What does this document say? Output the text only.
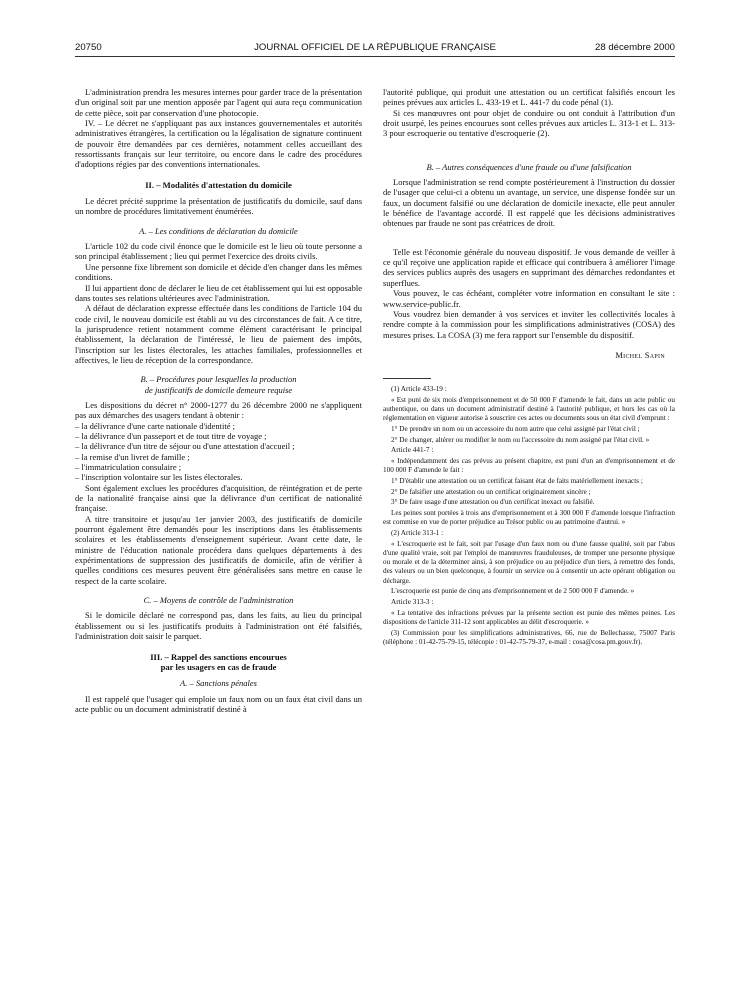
20750	JOURNAL OFFICIEL DE LA RÉPUBLIQUE FRANÇAISE	28 décembre 2000

L'administration prendra les mesures internes pour garder trace de la présentation d'un original soit par une mention apposée par l'agent qui aura reçu communication de cette pièce, soit par conservation d'une photocopie.

IV. – Le décret ne s'appliquant pas aux instances gouvernementales et autorités administratives étrangères, la certification ou la légalisation de signature continuent de pouvoir être demandées par ces dernières, notamment celles accueillant des ressortissants français sur leur territoire, ou encore dans le cadre des procédures d'adoptions régies par des conventions internationales.

II. – Modalités d'attestation du domicile

Le décret précité supprime la présentation de justificatifs du domicile, sauf dans un nombre de procédures limitativement énumérées.

A. – Les conditions de déclaration du domicile

L'article 102 du code civil énonce que le domicile est le lieu où toute personne a son principal établissement ; lieu qui permet l'exercice des droits civils.

Une personne fixe librement son domicile et décide d'en changer dans les mêmes conditions.

Il lui appartient donc de déclarer le lieu de cet établissement qui lui est opposable dans toutes ses relations ultérieures avec l'administration.

A défaut de déclaration expresse effectuée dans les conditions de l'article 104 du code civil, le nouveau domicile est établi au vu des circonstances de fait. A ce titre, la jurisprudence retient notamment comme élément caractérisant le principal établissement, la déclaration de l'intéressé, le lieu de paiement des impôts, l'inscription sur les listes électorales, les attaches familiales, professionnelles et affectives, le lieu de réception de la correspondance.

B. – Procédures pour lesquelles la production
de justificatifs de domicile demeure requise

Les dispositions du décret n° 2000-1277 du 26 décembre 2000 ne s'appliquent pas aux démarches des usagers tendant à obtenir :

– la délivrance d'une carte nationale d'identité ;
– la délivrance d'un passeport et de tout titre de voyage ;
– la délivrance d'un titre de séjour ou d'une attestation d'accueil ;
– la remise d'un livret de famille ;
– l'immatriculation consulaire ;
– l'inscription volontaire sur les listes électorales.

Sont également exclues les procédures d'acquisition, de réintégration et de perte de la nationalité française ainsi que la délivrance d'un certificat de nationalité française.

A titre transitoire et jusqu'au 1er janvier 2003, des justificatifs de domicile pourront également être demandés pour les inscriptions dans les établissements scolaires et les établissements d'enseignement supérieur. Avant cette date, le ministre de l'éducation nationale procédera dans quelques départements à des expérimentations de suppression des justificatifs de domicile, afin de vérifier à quelles conditions ces mesures peuvent être généralisées sans mettre en cause le respect de la carte scolaire.

C. – Moyens de contrôle de l'administration

Si le domicile déclaré ne correspond pas, dans les faits, au lieu du principal établissement ou si les justificatifs produits à l'administration ont été falsifiés, l'administration doit saisir le parquet.

III. – Rappel des sanctions encourues
par les usagers en cas de fraude
A. – Sanctions pénales

Il est rappelé que l'usager qui emploie un faux nom ou un faux état civil dans un acte public ou un document administratif destiné à

l'autorité publique, qui produit une attestation ou un certificat falsifiés encourt les peines prévues aux articles L. 433-19 et L. 441-7 du code pénal (1).

Si ces manœuvres ont pour objet de conduire ou ont conduit à l'attribution d'un droit usurpé, les peines encourues sont celles prévues aux articles L. 313-1 et L. 313-3 pour escroquerie ou tentative d'escroquerie (2).

B. – Autres conséquences d'une fraude ou d'une falsification

Lorsque l'administration se rend compte postérieurement à l'instruction du dossier de l'usager que celui-ci a obtenu un avantage, un service, une dispense fondée sur un faux, un document falsifié ou une déclaration de domicile inexacte, elle peut annuler le bénéfice de l'avantage accordé. Il est rappelé que les décisions administratives obtenues par fraude ne sont pas créatrices de droit.

Telle est l'économie générale du nouveau dispositif. Je vous demande de veiller à ce qu'il reçoive une application rapide et efficace qui contribuera à améliorer l'image des services publics auprès des usagers en supprimant des démarches redondantes et superflues.

Vous pouvez, le cas échéant, compléter votre information en consultant le site : www.service-public.fr.

Vous voudrez bien demander à vos services et inviter les collectivités locales à rendre compte à la commission pour les simplifications administratives (COSA) des mesures prises. La COSA (3) me fera rapport sur l'ensemble du dispositif.

Michel Sapin

(1) Article 433-19 :

« Est puni de six mois d'emprisonnement et de 50 000 F d'amende le fait, dans un acte public ou authentique, ou dans un document administratif destiné à l'autorité publique, et hors les cas où la réglementation en vigueur autorise à souscrire ces actes ou documents sous un état civil d'emprunt :

1° De prendre un nom ou un accessoire du nom autre que celui assigné par l'état civil ;

2° De changer, altérer ou modifier le nom ou l'accessoire du nom assigné par l'état civil. »

Article 441-7 :

« Indépendamment des cas prévus au présent chapitre, est puni d'un an d'emprisonnement et de 100 000 F d'amende le fait :

1° D'établir une attestation ou un certificat faisant état de faits matériellement inexacts ;

2° De falsifier une attestation ou un certificat originairement sincère ;

3° De faire usage d'une attestation ou d'un certificat inexact ou falsifié.

Les peines sont portées à trois ans d'emprisonnement et à 300 000 F d'amende lorsque l'infraction est commise en vue de porter préjudice au Trésor public ou au patrimoine d'autrui. »

(2) Article 313-1 :

« L'escroquerie est le fait, soit par l'usage d'un faux nom ou d'une fausse qualité, soit par l'abus d'une qualité vraie, soit par l'emploi de manœuvres frauduleuses, de tromper une personne physique ou morale et de la déterminer ainsi, à son préjudice ou au préjudice d'un tiers, à remettre des fonds, des valeurs ou un bien quelconque, à fournir un service ou à consentir un acte opérant obligation ou décharge.

L'escroquerie est punie de cinq ans d'emprisonnement et de 2 500 000 F d'amende. »

Article 313-3 :

« La tentative des infractions prévues par la présente section est punie des mêmes peines. Les dispositions de l'article 311-12 sont applicables au délit d'escroquerie. »

(3) Commission pour les simplifications administratives, 66, rue de Bellechasse, 75007 Paris (téléphone : 01-42-75-79-15, télécopie : 01-42-75-79-37, e-mail : cosa@cosa.pm.gouv.fr).
